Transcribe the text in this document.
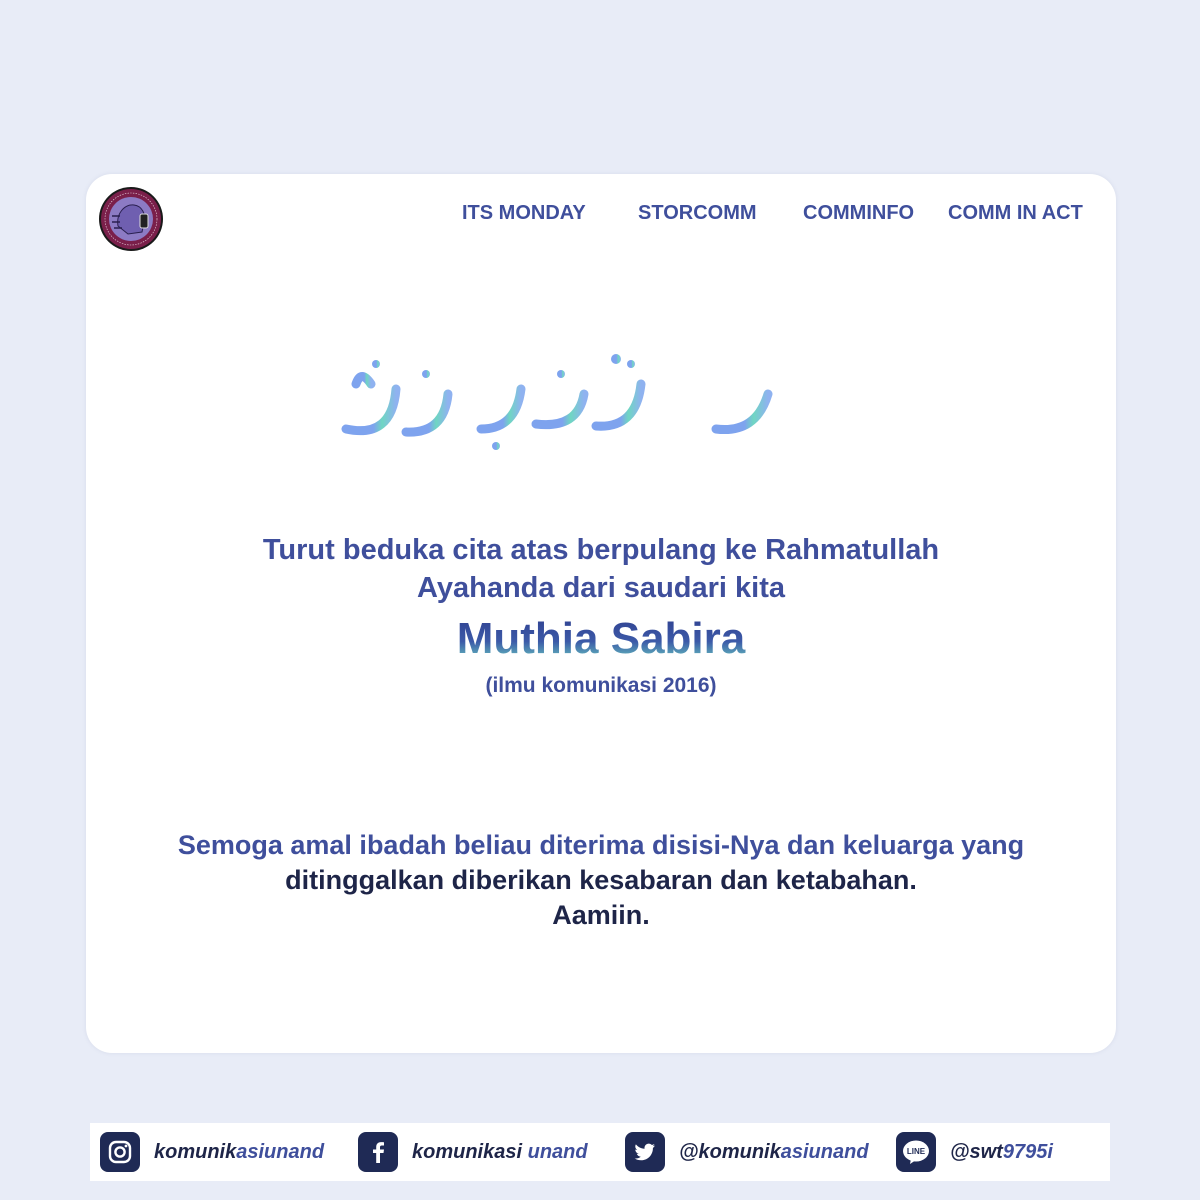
ITS MONDAY	STORCOMM COMMINFO COMM IN ACT
Turut beduka cita atas berpulang ke Rahmatullah
Ayahanda dari saudari kita
Muthia Sabira
(ilmu komunikasi 2016)
Semoga amal ibadah beliau diterima disisi-Nya dan keluarga yang
ditinggalkan diberikan kesabaran dan ketabahan.
Aamiin.
komunikasiunand	komunikasi unand	@komunikasiunand	LINE @swt9795i
